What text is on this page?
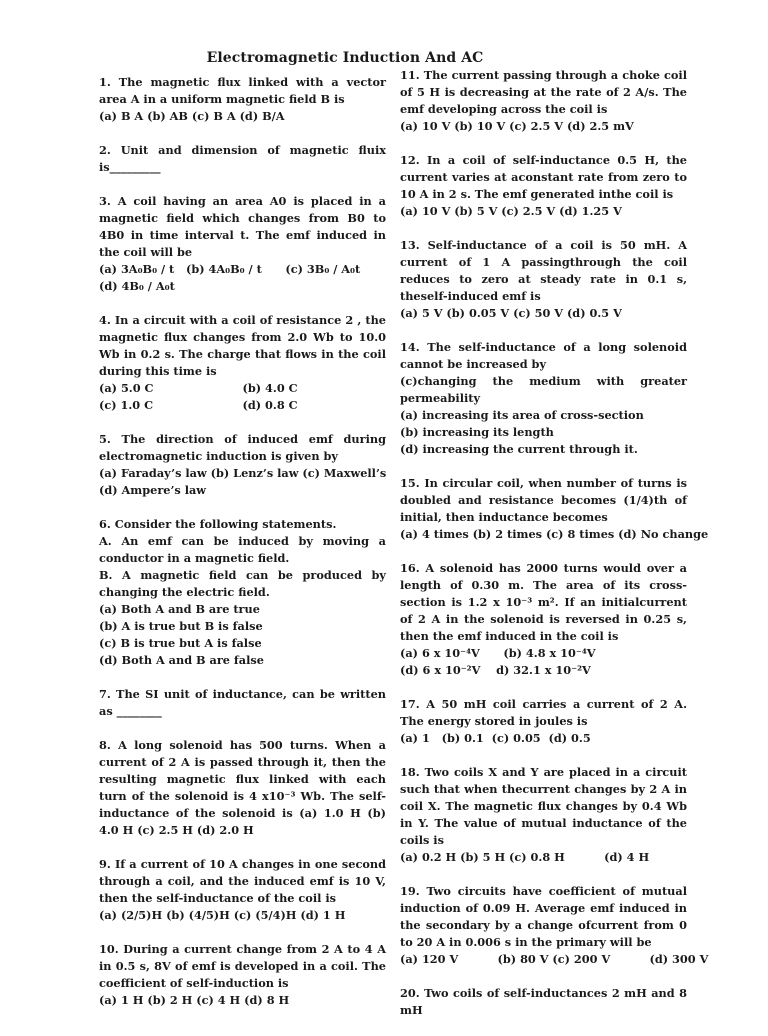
Electromagnetic Induction And AC
1. The magnetic flux linked with a vector area A in a uniform magnetic field B is
(a) B A (b) AB (c) B A (d) B/A
2. Unit and dimension of magnetic fluix is_________
3. A coil having an area A0 is placed in a magnetic field which changes from B0 to 4B0 in time interval t. The emf induced in the coil will be
(a) 3A₀B₀ / t   (b) 4A₀B₀ / t      (c) 3B₀ / A₀t
(d) 4B₀ / A₀t
4. In a circuit with a coil of resistance 2 , the magnetic flux changes from 2.0 Wb to 10.0 Wb in 0.2 s. The charge that flows in the coil during this time is
(a) 5.0 C	(b) 4.0 C
(c) 1.0 C	(d) 0.8 C
5. The direction of induced emf during electromagnetic induction is given by
(a) Faraday’s law (b) Lenz’s law (c) Maxwell’s
(d) Ampere’s law
6. Consider the following statements.
A. An emf can be induced by moving a conductor in a magnetic field.
B. A magnetic field can be produced by changing the electric field.
(a) Both A and B are true
(b) A is true but B is false
(c) B is true but A is false
(d) Both A and B are false
7. The SI unit of inductance, can be written as ________
8. A long solenoid has 500 turns. When a current of 2 A is passed through it, then the resulting magnetic flux linked with each turn of the solenoid is 4 x10⁻³ Wb. The self-inductance of the solenoid is (a) 1.0 H (b) 4.0 H (c) 2.5 H (d) 2.0 H
9. If a current of 10 A changes in one second through a coil, and the induced emf is 10 V, then the self-inductance of the coil is
(a) (2/5)H (b) (4/5)H (c) (5/4)H (d) 1 H
10. During a current change from 2 A to 4 A in 0.5 s, 8V of emf is developed in a coil. The coefficient of self-induction is
(a) 1 H (b) 2 H (c) 4 H (d) 8 H
11. The current passing through a choke coil of 5 H is decreasing at the rate of 2 A/s. The emf developing across the coil is
(a) 10 V (b) 10 V (c) 2.5 V (d) 2.5 mV
12. In a coil of self-inductance 0.5 H, the current varies at aconstant rate from zero to 10 A in 2 s. The emf generated inthe coil is
(a) 10 V (b) 5 V (c) 2.5 V (d) 1.25 V
13. Self-inductance of a coil is 50 mH. A current of 1 A passingthrough the coil reduces to zero at steady rate in 0.1 s, theself-induced emf is
(a) 5 V (b) 0.05 V (c) 50 V (d) 0.5 V
14. The self-inductance of a long solenoid cannot be increased by
(c)changing the medium with greater permeability
(a) increasing its area of cross-section
(b) increasing its length
(d) increasing the current through it.
15. In circular coil, when number of turns is doubled and resistance becomes (1/4)th of initial, then inductance becomes
(a) 4 times (b) 2 times (c) 8 times (d) No change
16. A solenoid has 2000 turns would over a length of 0.30 m. The area of its cross-section is 1.2 x 10⁻³ m². If an initialcurrent of 2 A in the solenoid is reversed in 0.25 s, then the emf induced in the coil is
(a) 6 x 10⁻⁴V      (b) 4.8 x 10⁻⁴V
(d) 6 x 10⁻²V    d) 32.1 x 10⁻²V
17. A 50 mH coil carries a current of 2 A. The energy stored in joules is
(a) 1   (b) 0.1  (c) 0.05  (d) 0.5
18. Two coils X and Y are placed in a circuit such that when thecurrent changes by 2 A in coil X. The magnetic flux changes by 0.4 Wb in Y. The value of mutual inductance of the coils is
(a) 0.2 H (b) 5 H (c) 0.8 H          (d) 4 H
19. Two circuits have coefficient of mutual induction of 0.09 H. Average emf induced in the secondary by a change ofcurrent from 0 to 20 A in 0.006 s in the primary will be
(a) 120 V          (b) 80 V (c) 200 V          (d) 300 V
20. Two coils of self-inductances 2 mH and 8 mH
